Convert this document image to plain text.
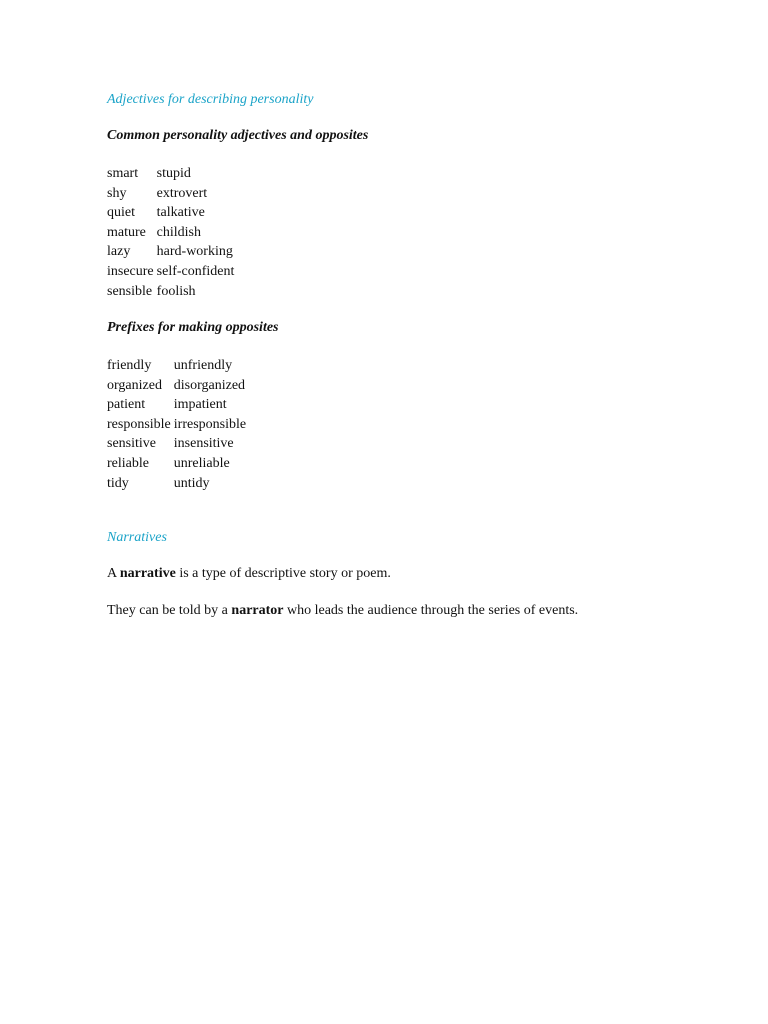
Adjectives for describing personality
Common personality adjectives and opposites
smart	stupid
shy	extrovert
quiet	talkative
mature	childish
lazy	hard-working
insecure	self-confident
sensible	foolish
Prefixes for making opposites
friendly	unfriendly
organized	disorganized
patient	impatient
responsible	irresponsible
sensitive	insensitive
reliable	unreliable
tidy	untidy
Narratives

A narrative is a type of descriptive story or poem.

They can be told by a narrator who leads the audience through the series of events.
